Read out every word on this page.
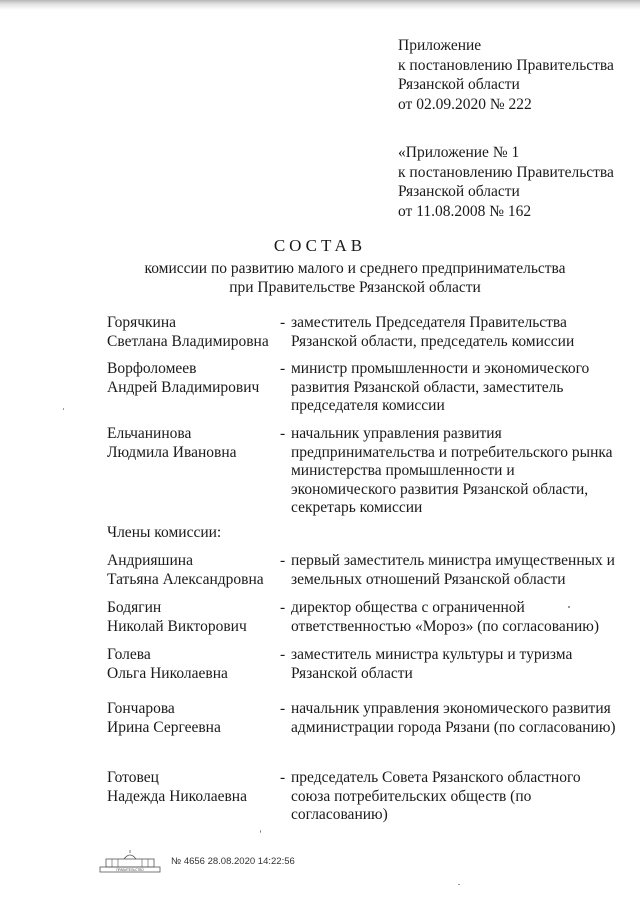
Приложение
к постановлению Правительства
Рязанской области
от 02.09.2020 № 222
«Приложение № 1
к постановлению Правительства
Рязанской области
от 11.08.2008 № 162
СОСТАВ
комиссии по развитию малого и среднего предпринимательства
при Правительстве Рязанской области
Горячкина
Светлана Владимировна
- заместитель Председателя Правительства Рязанской области, председатель комиссии
Ворфоломеев
Андрей Владимирович
- министр промышленности и экономического развития Рязанской области, заместитель председателя комиссии
Ельчанинова
Людмила Ивановна
- начальник управления развития предпринимательства и потребительского рынка министерства промышленности и экономического развития Рязанской области, секретарь комиссии
Члены комиссии:
Андрияшина
Татьяна Александровна
- первый заместитель министра имущественных и земельных отношений Рязанской области
Бодягин
Николай Викторович
- директор общества с ограниченной ответственностью «Мороз» (по согласованию)
Голева
Ольга Николаевна
- заместитель министра культуры и туризма Рязанской области
Гончарова
Ирина Сергеевна
- начальник управления экономического развития администрации города Рязани (по согласованию)
Готовец
Надежда Николаевна
- председатель Совета Рязанского областного союза потребительских обществ (по согласованию)
ПРАВИТЕЛЬСТВО
№ 4656 28.08.2020 14:22:56
